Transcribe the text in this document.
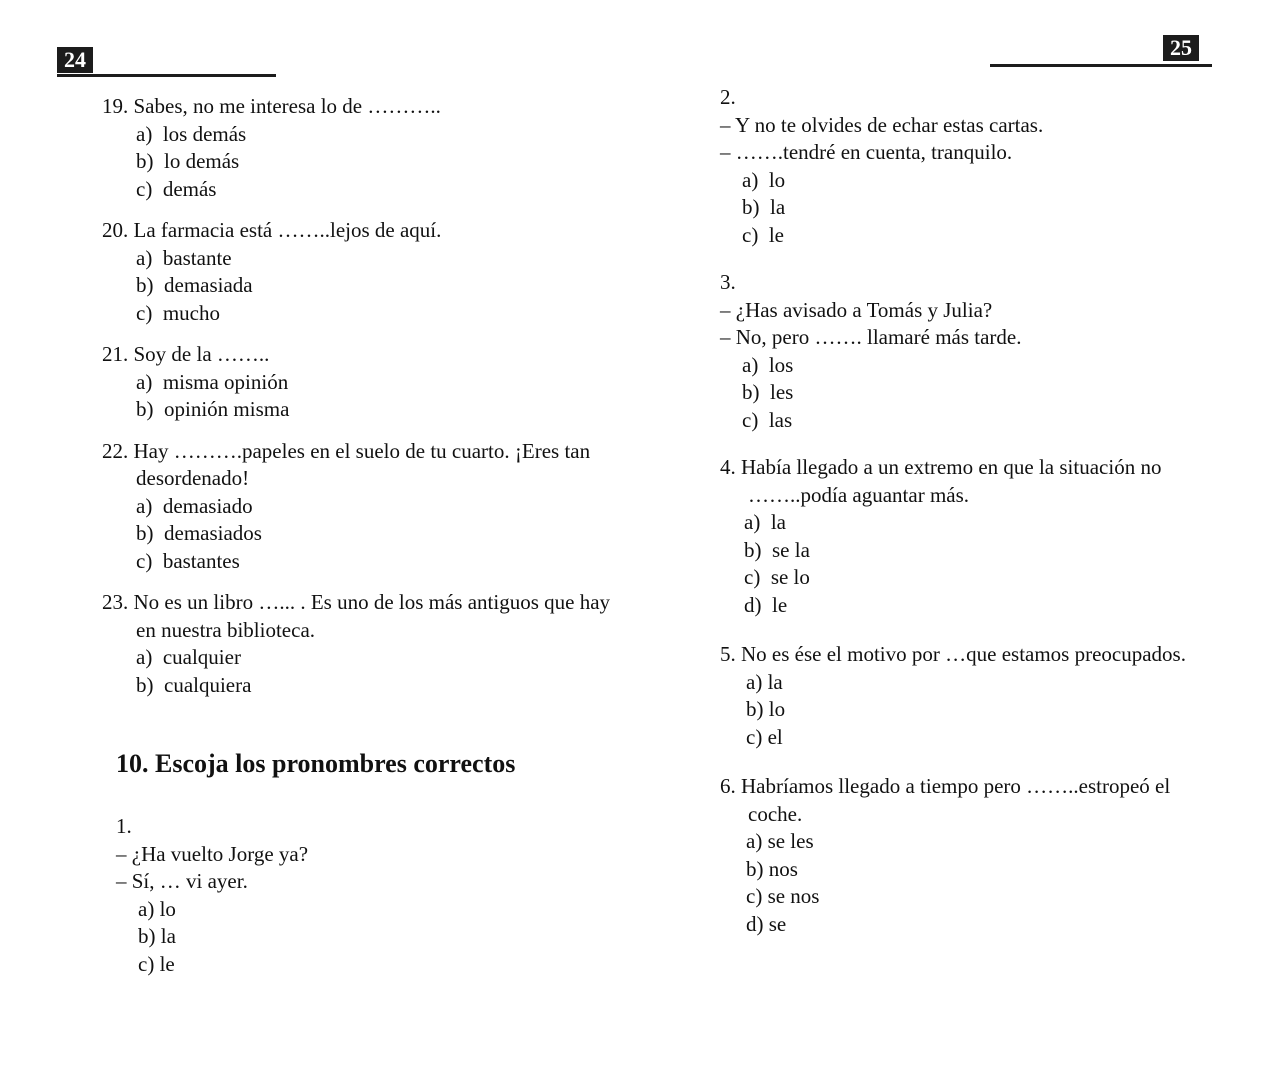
24	25
19. Sabes, no me interesa lo de ………..
a)  los demás
b)  lo demás
c)  demás
20. La farmacia está ……..lejos de aquí.
a)  bastante
b)  demasiada
c)  mucho
21. Soy de la ……..
a)  misma opinión
b)  opinión misma
22. Hay ……….papeles en el suelo de tu cuarto. ¡Eres tan desordenado!
a)  demasiado
b)  demasiados
c)  bastantes
23. No es un libro …... . Es uno de los más antiguos que hay en nuestra biblioteca.
a)  cualquier
b)  cualquiera
10. Escoja los pronombres correctos
1.
– ¿Ha vuelto Jorge ya?
– Sí, … vi ayer.
a) lo
b) la
c) le
2.
– Y no te olvides de echar estas cartas.
– …….tendré en cuenta, tranquilo.
a)  lo
b)  la
c)  le
3.
– ¿Has avisado a Tomás y Julia?
– No, pero ……. llamaré más tarde.
a)  los
b)  les
c)  las
4. Había llegado a un extremo en que la situación no ……..podía aguantar más.
a)  la
b)  se la
c)  se lo
d)  le
5. No es ése el motivo por …que estamos preocupados.
a) la
b) lo
c) el
6. Habríamos llegado a tiempo pero ……..estropeó el coche.
a) se les
b) nos
c) se nos
d) se
